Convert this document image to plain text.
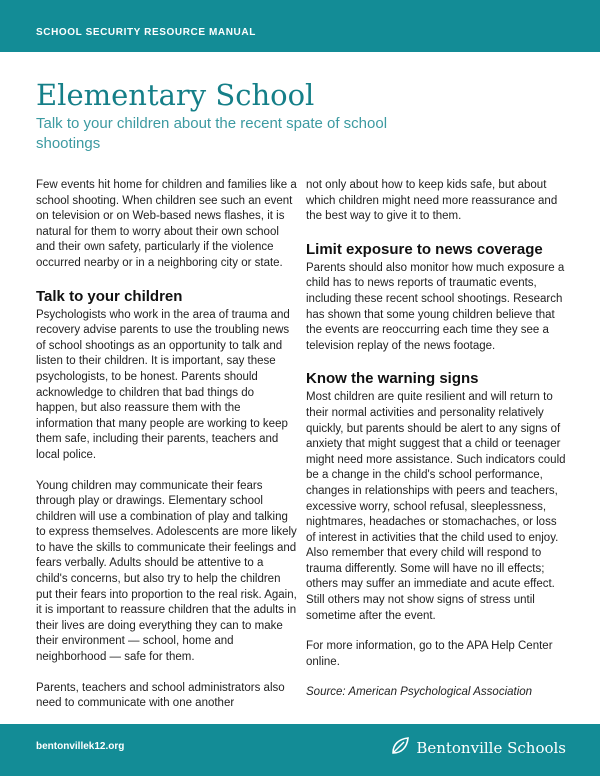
SCHOOL SECURITY RESOURCE MANUAL
Elementary School

Talk to your children about the recent spate of school shootings

Few events hit home for children and families like a school shooting. When children see such an event on television or on Web-based news flashes, it is natural for them to worry about their own school and their own safety, particularly if the violence occurred nearby or in a neighboring city or state.

Talk to your children

Psychologists who work in the area of trauma and recovery advise parents to use the troubling news of school shootings as an opportunity to talk and listen to their children. It is important, say these psychologists, to be honest. Parents should acknowledge to children that bad things do happen, but also reassure them with the information that many people are working to keep them safe, including their parents, teachers and local police.

Young children may communicate their fears through play or drawings. Elementary school children will use a combination of play and talking to express themselves. Adolescents are more likely to have the skills to communicate their feelings and fears verbally. Adults should be attentive to a child's concerns, but also try to help the children put their fears into proportion to the real risk. Again, it is important to reassure children that the adults in their lives are doing everything they can to make their environment — school, home and neighborhood — safe for them.

Parents, teachers and school administrators also need to communicate with one another

not only about how to keep kids safe, but about which children might need more reassurance and the best way to give it to them.

Limit exposure to news coverage

Parents should also monitor how much exposure a child has to news reports of traumatic events, including these recent school shootings. Research has shown that some young children believe that the events are reoccurring each time they see a television replay of the news footage.

Know the warning signs

Most children are quite resilient and will return to their normal activities and personality relatively quickly, but parents should be alert to any signs of anxiety that might suggest that a child or teenager might need more assistance. Such indicators could be a change in the child's school performance, changes in relationships with peers and teachers, excessive worry, school refusal, sleeplessness, nightmares, headaches or stomachaches, or loss of interest in activities that the child used to enjoy. Also remember that every child will respond to trauma differently. Some will have no ill effects; others may suffer an immediate and acute effect. Still others may not show signs of stress until sometime after the event.

For more information, go to the APA Help Center online.

Source: American Psychological Association

bentonvillek12.org	Bentonville Schools
